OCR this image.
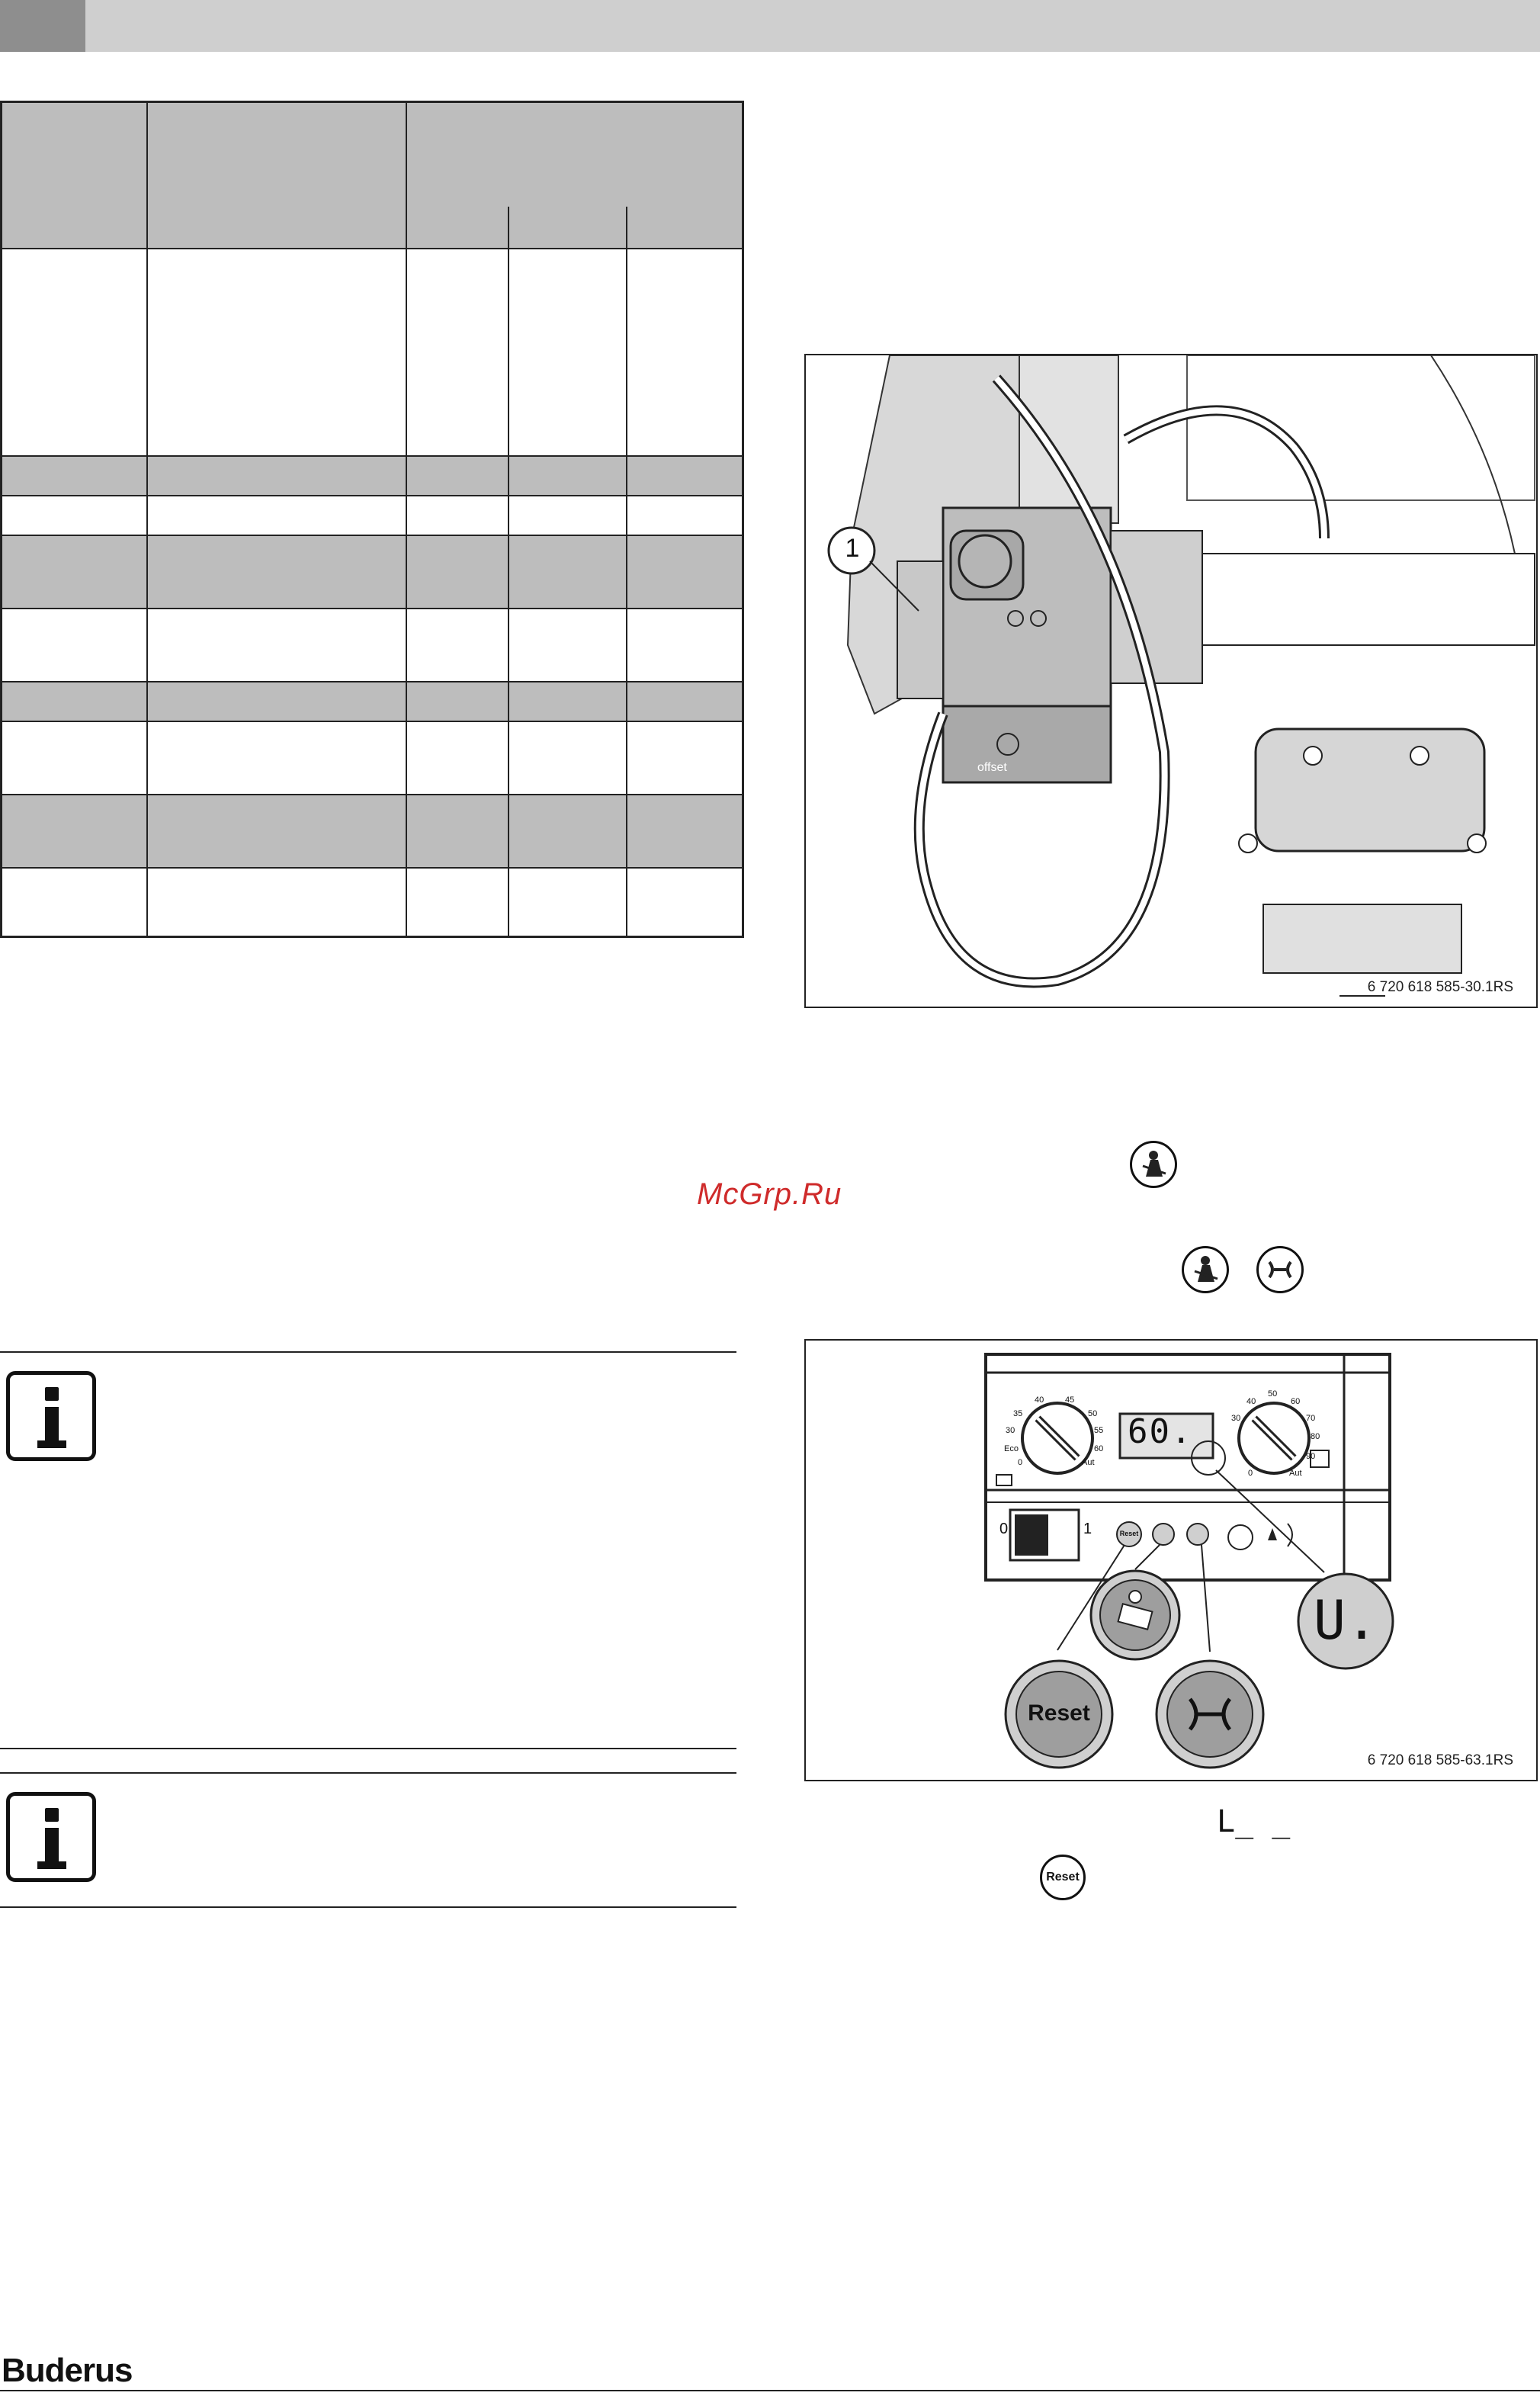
offset
1
6 720 618 585-30.1RS
McGrp.Ru
40	45
35	50
30	55
Eco	60
0	Aut
50
40	60
30	70
80
0
90
Aut
60.
0	1	Reset
Reset
U.
6 720 618 585-63.1RS
L_ _
Reset
Buderus
